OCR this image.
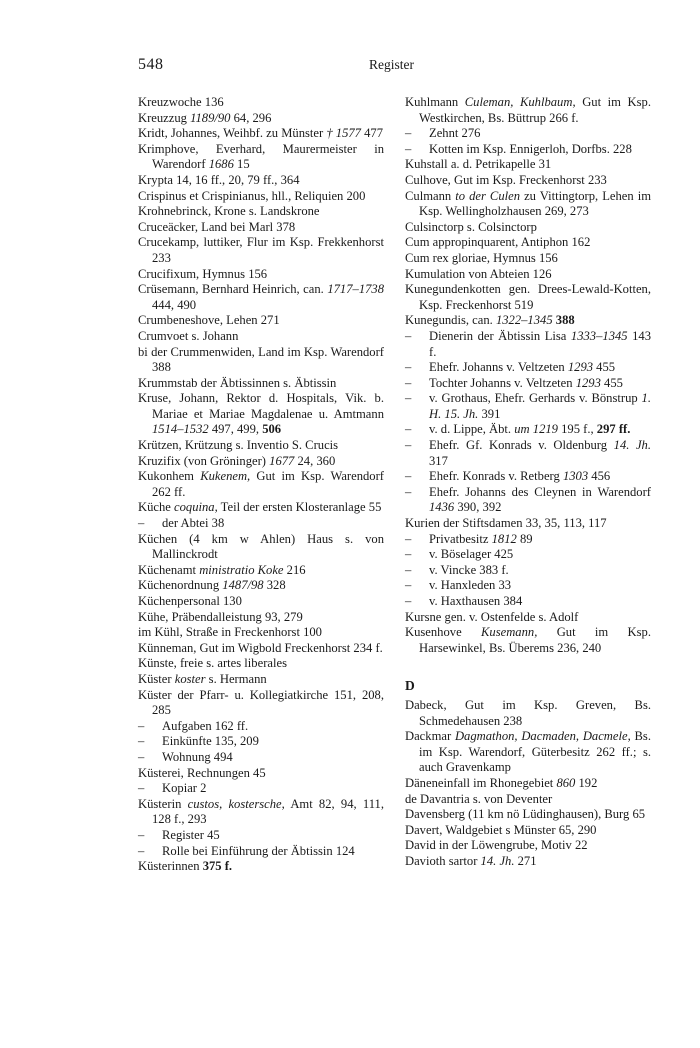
548	Register

Kreuzwoche 136

Kreuzzug 1189/90 64, 296

Kridt, Johannes, Weihbf. zu Münster † 1577 477

Krimphove, Everhard, Maurermeister in Warendorf 1686 15

Krypta 14, 16 ff., 20, 79 ff., 364

Crispinus et Crispinianus, hll., Reliquien 200

Krohnebrinck, Krone s. Landskrone

Cruceäcker, Land bei Marl 378

Crucekamp, luttiker, Flur im Ksp. Frekkenhorst 233

Crucifixum, Hymnus 156

Crüsemann, Bernhard Heinrich, can. 1717–1738 444, 490

Crumbeneshove, Lehen 271

Crumvoet s. Johann

bi der Crummenwiden, Land im Ksp. Warendorf 388

Krummstab der Äbtissinnen s. Äbtissin

Kruse, Johann, Rektor d. Hospitals, Vik. b. Mariae et Mariae Magdalenae u. Amtmann 1514–1532 497, 499, 506

Krützen, Krützung s. Inventio S. Crucis

Kruzifix (von Gröninger) 1677 24, 360

Kukonhem Kukenem, Gut im Ksp. Warendorf 262 ff.

Küche coquina, Teil der ersten Klosteranlage 55

– der Abtei 38

Küchen (4 km w Ahlen) Haus s. von Mallinckrodt

Küchenamt ministratio Koke 216

Küchenordnung 1487/98 328

Küchenpersonal 130

Kühe, Präbendalleistung 93, 279

im Kühl, Straße in Freckenhorst 100

Künneman, Gut im Wigbold Freckenhorst 234 f.

Künste, freie s. artes liberales

Küster koster s. Hermann

Küster der Pfarr- u. Kollegiatkirche 151, 208, 285

– Aufgaben 162 ff.

– Einkünfte 135, 209

– Wohnung 494

Küsterei, Rechnungen 45

– Kopiar 2

Küsterin custos, kostersche, Amt 82, 94, 111, 128 f., 293

– Register 45

– Rolle bei Einführung der Äbtissin 124

Küsterinnen 375 f.

Kuhlmann Culeman, Kuhlbaum, Gut im Ksp. Westkirchen, Bs. Büttrup 266 f.

– Zehnt 276

– Kotten im Ksp. Ennigerloh, Dorfbs. 228

Kuhstall a. d. Petrikapelle 31

Culhove, Gut im Ksp. Freckenhorst 233

Culmann to der Culen zu Vittingtorp, Lehen im Ksp. Wellingholzhausen 269, 273

Culsinctorp s. Colsinctorp

Cum appropinquarent, Antiphon 162

Cum rex gloriae, Hymnus 156

Kumulation von Abteien 126

Kunegundenkotten gen. Drees-Lewald-Kotten, Ksp. Freckenhorst 519

Kunegundis, can. 1322–1345 388

– Dienerin der Äbtissin Lisa 1333–1345 143 f.

– Ehefr. Johanns v. Veltzeten 1293 455

– Tochter Johanns v. Veltzeten 1293 455

– v. Grothaus, Ehefr. Gerhards v. Bönstrup 1. H. 15. Jh. 391

– v. d. Lippe, Äbt. um 1219 195 f., 297 ff.

– Ehefr. Gf. Konrads v. Oldenburg 14. Jh. 317

– Ehefr. Konrads v. Retberg 1303 456

– Ehefr. Johanns des Cleynen in Warendorf 1436 390, 392

Kurien der Stiftsdamen 33, 35, 113, 117

– Privatbesitz 1812 89

– v. Böselager 425

– v. Vincke 383 f.

– v. Hanxleden 33

– v. Haxthausen 384

Kursne gen. v. Ostenfelde s. Adolf

Kusenhove Kusemann, Gut im Ksp. Harsewinkel, Bs. Überems 236, 240

D

Dabeck, Gut im Ksp. Greven, Bs. Schmedehausen 238

Dackmar Dagmathon, Dacmaden, Dacmele, Bs. im Ksp. Warendorf, Güterbesitz 262 ff.; s. auch Gravenkamp

Däneneinfall im Rhonegebiet 860 192

de Davantria s. von Deventer

Davensberg (11 km nö Lüdinghausen), Burg 65

Davert, Waldgebiet s Münster 65, 290

David in der Löwengrube, Motiv 22

Davioth sartor 14. Jh. 271
